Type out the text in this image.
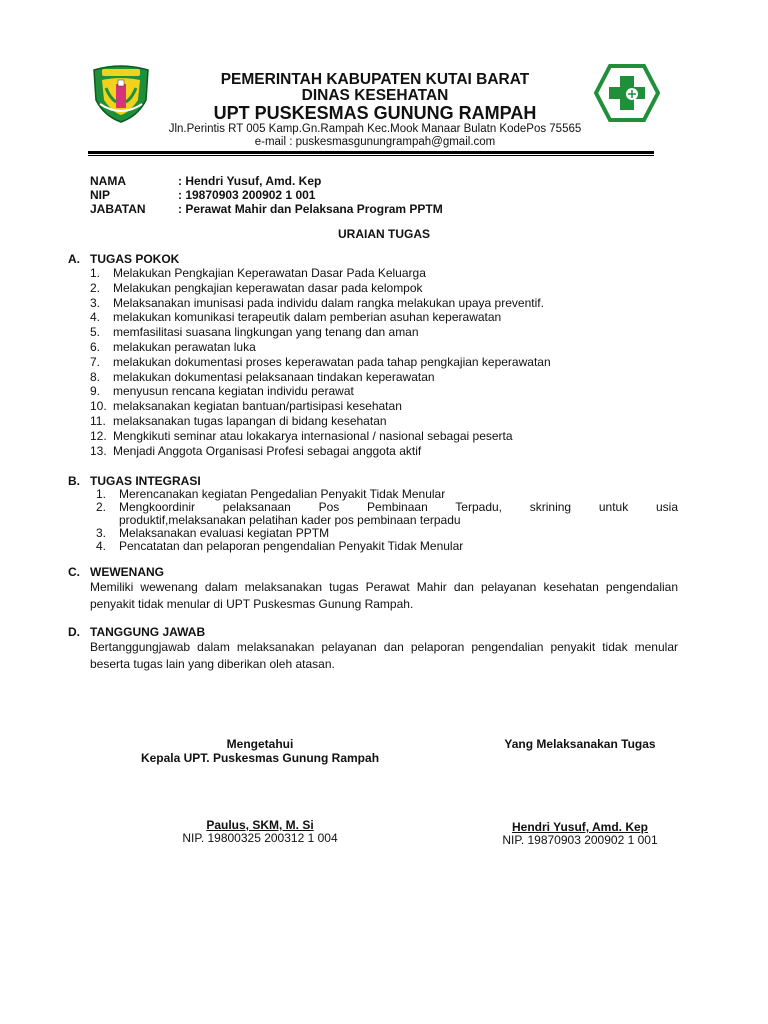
PEMERINTAH KABUPATEN KUTAI BARAT
DINAS KESEHATAN
UPT PUSKESMAS GUNUNG RAMPAH
Jln.Perintis RT 005 Kamp.Gn.Rampah Kec.Mook Manaar Bulatn KodePos 75565
e-mail : puskesmasgunungrampah@gmail.com
NAMA	: Hendri Yusuf, Amd. Kep
NIP	: 19870903 200902 1 001
JABATAN	: Perawat Mahir dan Pelaksana Program PPTM
URAIAN TUGAS
A. TUGAS POKOK
1. Melakukan Pengkajian Keperawatan Dasar Pada Keluarga
2. Melakukan pengkajian keperawatan dasar pada kelompok
3. Melaksanakan imunisasi pada individu dalam rangka melakukan upaya preventif.
4. melakukan komunikasi terapeutik dalam pemberian asuhan keperawatan
5. memfasilitasi suasana lingkungan yang tenang dan aman
6. melakukan perawatan luka
7. melakukan dokumentasi proses keperawatan pada tahap pengkajian keperawatan
8. melakukan dokumentasi pelaksanaan tindakan keperawatan
9. menyusun rencana kegiatan individu perawat
10. melaksanakan kegiatan bantuan/partisipasi kesehatan
11. melaksanakan tugas lapangan di bidang kesehatan
12. Mengkikuti seminar atau lokakarya internasional / nasional sebagai peserta
13. Menjadi Anggota Organisasi Profesi sebagai anggota aktif
B. TUGAS INTEGRASI
1. Merencanakan kegiatan Pengedalian Penyakit Tidak Menular
2. Mengkoordinir pelaksanaan Pos Pembinaan Terpadu, skrining untuk usia
produktif,melaksanakan pelatihan kader pos pembinaan terpadu
3. Melaksanakan evaluasi kegiatan PPTM
4. Pencatatan dan pelaporan pengendalian Penyakit Tidak Menular
C. WEWENANG
Memiliki wewenang dalam melaksanakan tugas Perawat Mahir dan pelayanan kesehatan pengendalian penyakit tidak menular di UPT Puskesmas Gunung Rampah.
D. TANGGUNG JAWAB
Bertanggungjawab dalam melaksanakan pelayanan dan pelaporan pengendalian penyakit tidak menular beserta tugas lain yang diberikan oleh atasan.
Mengetahui
Kepala UPT. Puskesmas Gunung Rampah
Paulus, SKM, M. Si
NIP. 19800325 200312 1 004
Yang Melaksanakan Tugas
Hendri Yusuf, Amd. Kep
NIP. 19870903 200902 1 001
